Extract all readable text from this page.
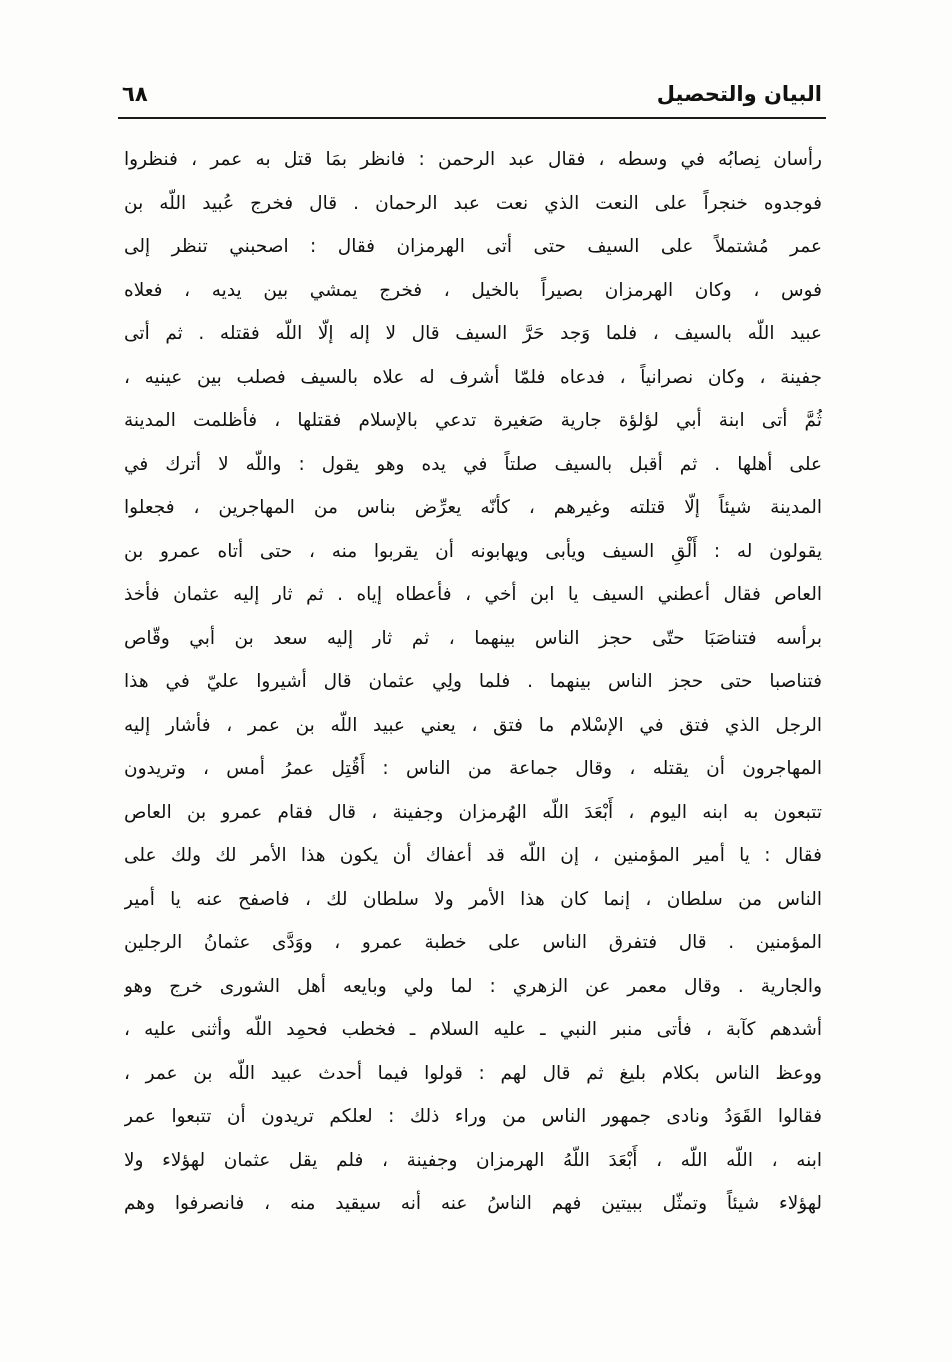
البيان والتحصيل
٦٨
رأسان نِصابُه في وسطه ، فقال عبد الرحمن : فانظر بمَا قتل به عمر ، فنظروا
فوجدوه خنجراً على النعت الذي نعت عبد الرحمان . قال فخرج عُبيد اللّه بن
عمر مُشتملاً على السيف حتى أتى الهرمزان فقال : اصحبني تنظر إلى
فوس ، وكان الهرمزان بصيراً بالخيل ، فخرج يمشي بين يديه ، فعلاه
عبيد اللّه بالسيف ، فلما وَجد حَرَّ السيف قال لا إله إلّا اللّه فقتله . ثم أتى
جفينة ، وكان نصرانياً ، فدعاه فلمّا أشرف له علاه بالسيف فصلب بين عينيه ،
ثُمَّ أتى ابنة أبي لؤلؤة جارية صَغيرة تدعي بالإسلام فقتلها ، فأظلمت المدينة
على أهلها . ثم أقبل بالسيف صلتاً في يده وهو يقول : واللّه لا أترك في
المدينة شيئاً إلّا قتلته وغيرهم ، كأنّه يعرِّض بناس من المهاجرين ، فجعلوا
يقولون له : أَلْقِ السيف ويأبى ويهابونه أن يقربوا منه ، حتى أتاه عمرو بن
العاص فقال أعطني السيف يا ابن أخي ، فأعطاه إياه . ثم ثار إليه عثمان فأخذ
برأسه فتناصَبَا حتّى حجز الناس بينهما ، ثم ثار إليه سعد بن أبي وقّاص
فتناصبا حتى حجز الناس بينهما . فلما ولِي عثمان قال أشيروا عليّ في هذا
الرجل الذي فتق في الإسْلام ما فتق ، يعني عبيد اللّه بن عمر ، فأشار إليه
المهاجرون أن يقتله ، وقال جماعة من الناس : أَقُتِل عمرُ أمس ، وتريدون
تتبعون به ابنه اليوم ، أَبْعَدَ اللّه الهُرمزان وجفينة ، قال فقام عمرو بن العاص
فقال : يا أمير المؤمنين ، إن اللّه قد أعفاك أن يكون هذا الأمر لك ولك على
الناس من سلطان ، إنما كان هذا الأمر ولا سلطان لك ، فاصفح عنه يا أمير
المؤمنين . قال فتفرق الناس على خطبة عمرو ، ووَدَّى عثمانُ الرجلين
والجارية . وقال معمر عن الزهري : لما ولي وبايعه أهل الشورى خرج وهو
أشدهم كآبة ، فأتى منبر النبي ـ عليه السلام ـ فخطب فحمِد اللّه وأثنى عليه ،
ووعظ الناس بكلام بليغ ثم قال لهم : قولوا فيما أحدث عبيد اللّه بن عمر ،
فقالوا القَوَدُ ونادى جمهور الناس من وراء ذلك : لعلكم تريدون أن تتبعوا عمر
ابنه ، اللّه اللّه ، أَبْعَدَ اللّهُ الهرمزان وجفينة ، فلم يقل عثمان لهؤلاء ولا
لهؤلاء شيئاً وتمثّل ببيتين فهم الناسُ عنه أنه سيقيد منه ، فانصرفوا وهم
